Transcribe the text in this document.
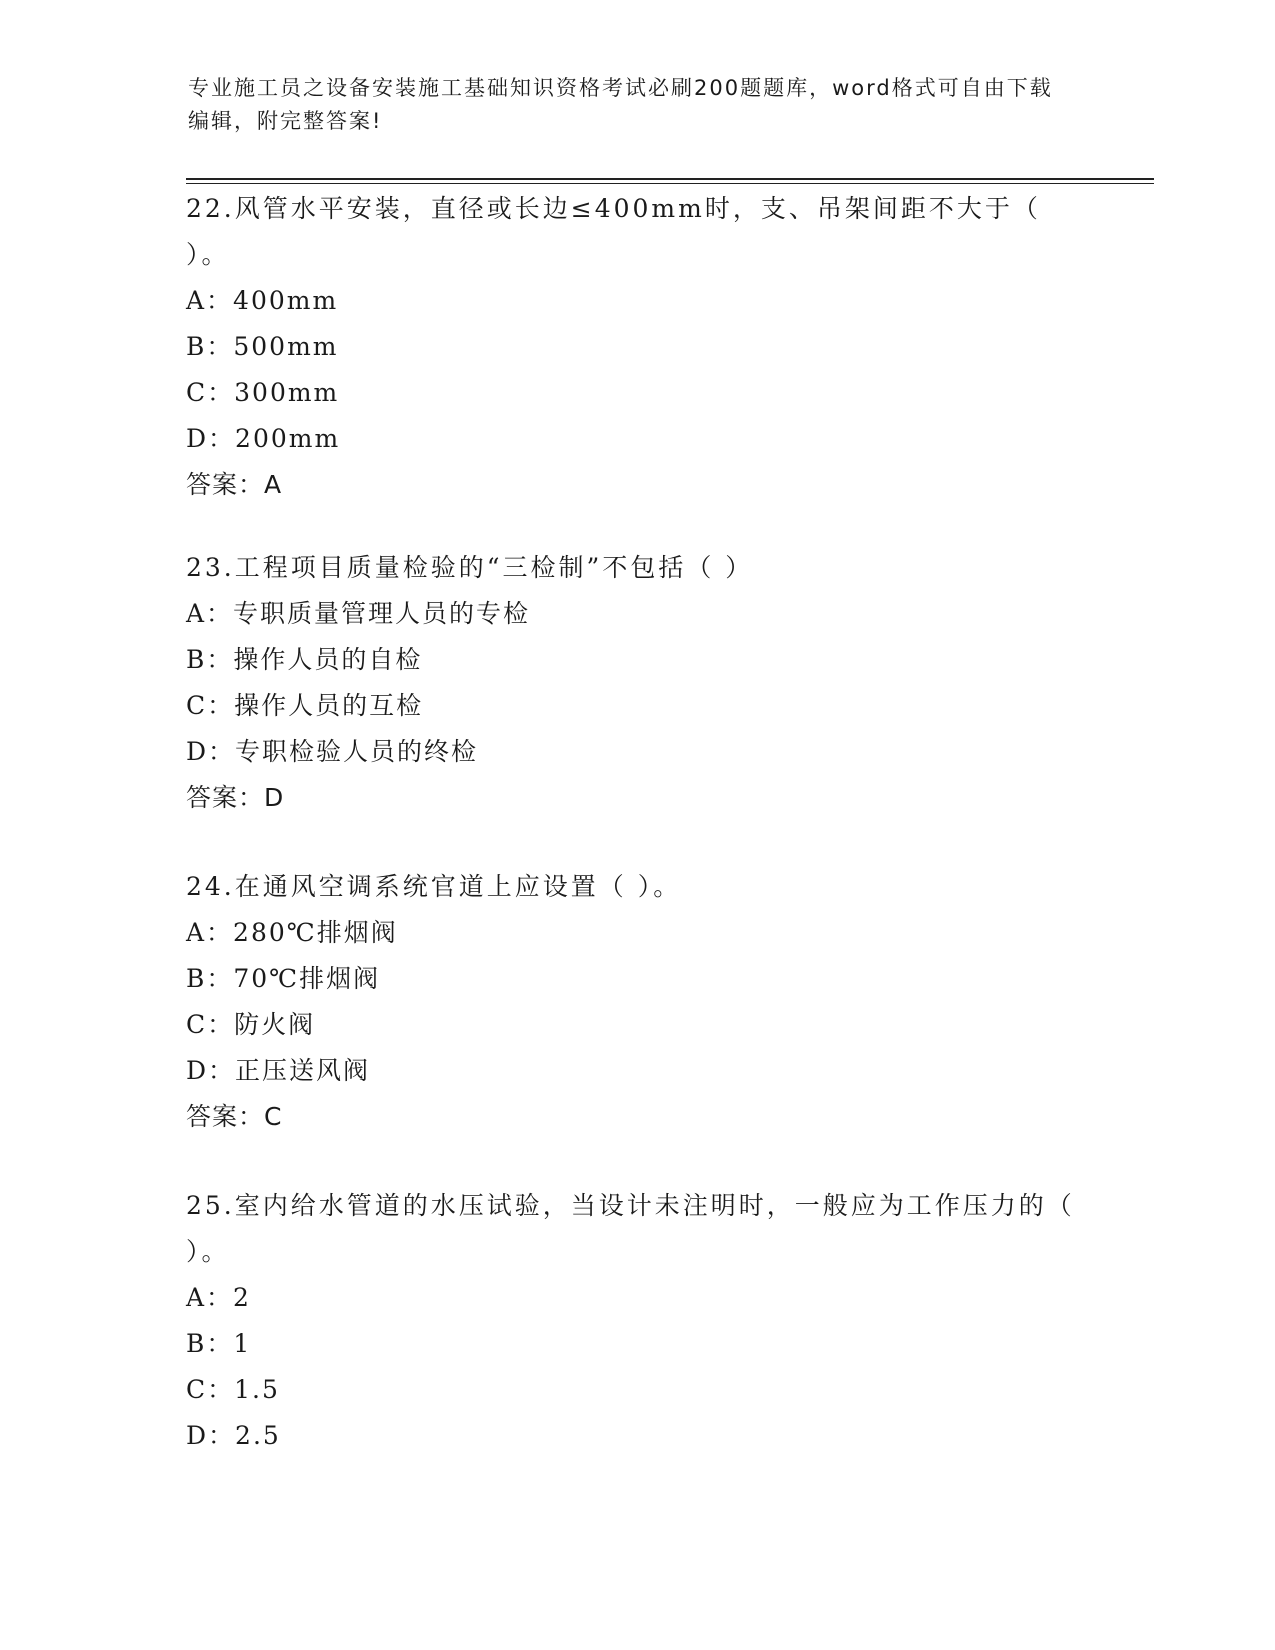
专业施工员之设备安装施工基础知识资格考试必刷200题题库，word格式可自由下载编辑，附完整答案!

22.风管水平安装，直径或长边≤400mm时，支、吊架间距不大于（ ）。

A：400mm
B：500mm
C：300mm
D：200mm
答案：A

23.工程项目质量检验的“三检制”不包括（ ）

A：专职质量管理人员的专检
B：操作人员的自检
C：操作人员的互检
D：专职检验人员的终检
答案：D

24.在通风空调系统官道上应设置（ ）。

A：280℃排烟阀
B：70℃排烟阀
C：防火阀
D：正压送风阀
答案：C

25.室内给水管道的水压试验，当设计未注明时，一般应为工作压力的（ ）。

A：2
B：1
C：1.5
D：2.5
